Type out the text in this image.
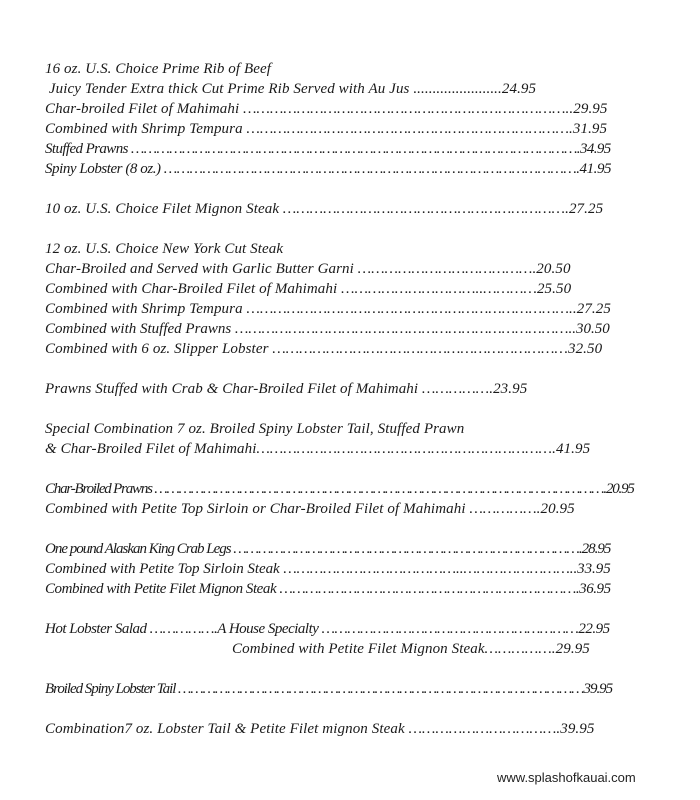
16 oz. U.S. Choice Prime Rib of Beef
Juicy Tender Extra thick Cut Prime Rib Served with Au Jus .......................24.95
Char-broiled Filet of Mahimahi ………………………………………………………………..29.95
Combined with Shrimp Tempura ……………………………………………………………….31.95
Stuffed Prawns …………………………………………………………………………………………….34.95
Spiny Lobster (8 oz.) …………………………………………………………………………………….41.95
10 oz. U.S. Choice Filet Mignon Steak ……………………………………………………….27.25
12 oz. U.S. Choice New York Cut Steak
Char-Broiled and Served with Garlic Butter Garni ………………………………….20.50
Combined with Char-Broiled Filet of Mahimahi …………………………..…………25.50
Combined with Shrimp Tempura ………………………………………………………………..27.25
Combined with Stuffed Prawns …………………………………………………………………..30.50
Combined with 6 oz. Slipper Lobster …………………………………………………………32.50
Prawns Stuffed with Crab & Char-Broiled Filet of Mahimahi …………….23.95
Special Combination 7 oz. Broiled Spiny Lobster Tail, Stuffed Prawn
& Char-Broiled Filet of Mahimahi………………………………………………………….41.95
Char-Broiled Prawns ………………………………………………………………………………………………….20.95
Combined with Petite Top Sirloin or Char-Broiled Filet of Mahimahi …………….20.95
One pound Alaskan King Crab Legs ………………………………………………………………………….28.95
Combined with Petite Top Sirloin Steak …………………………………..……………………..33.95
Combined with Petite Filet Mignon Steak …………………………………………………………….36.95
Hot Lobster Salad …………….A House Specialty ……………………………………………………22.95
Combined with Petite Filet Mignon Steak…………….29.95
Broiled Spiny Lobster Tail ………………………………………………………………………………………39.95
Combination7 oz. Lobster Tail & Petite Filet mignon Steak …………………………….39.95
www.splashofkauai.com
